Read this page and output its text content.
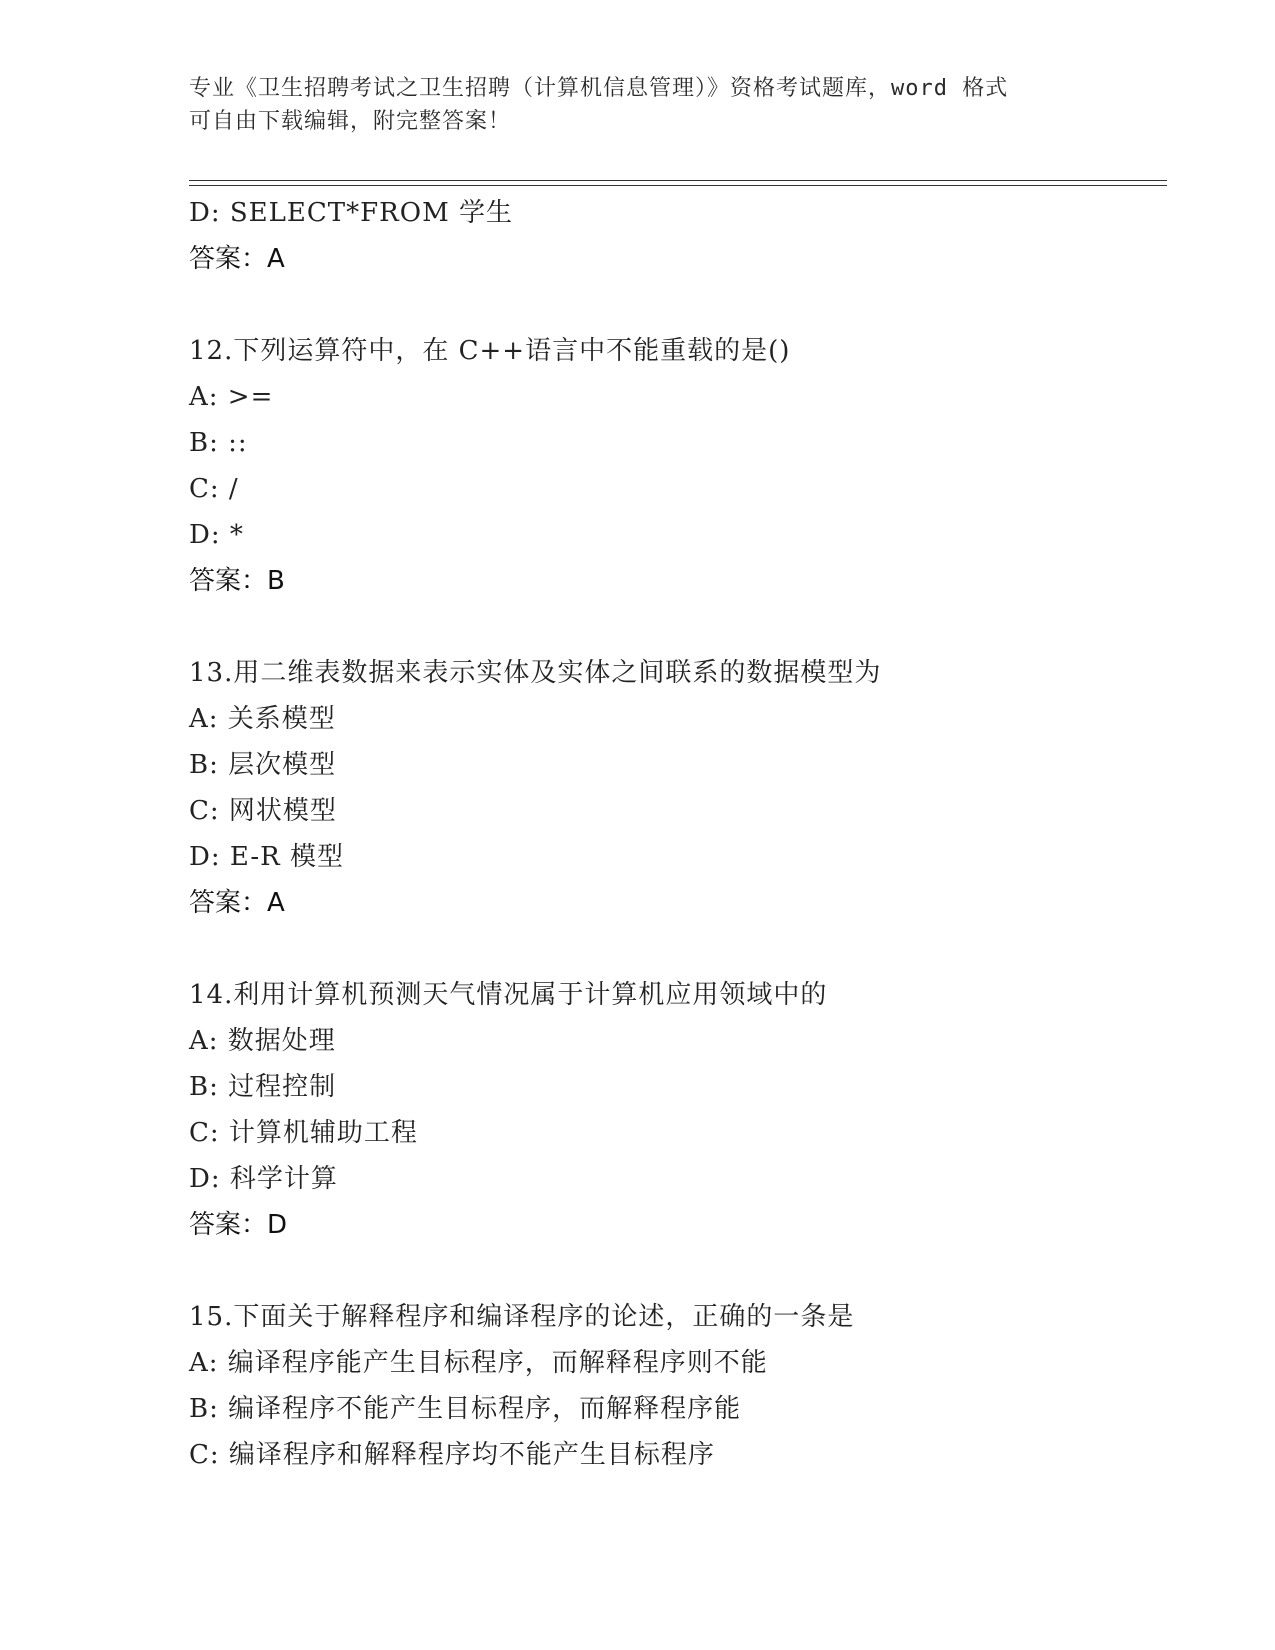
专业《卫生招聘考试之卫生招聘（计算机信息管理）》资格考试题库，word 格式
可自由下载编辑，附完整答案！
D: SELECT*FROM 学生
答案：A
12.下列运算符中，在 C++语言中不能重载的是()
A: >=
B: ::
C: /
D: *
答案：B
13.用二维表数据来表示实体及实体之间联系的数据模型为
A: 关系模型
B: 层次模型
C: 网状模型
D: E-R 模型
答案：A
14.利用计算机预测天气情况属于计算机应用领域中的
A: 数据处理
B: 过程控制
C: 计算机辅助工程
D: 科学计算
答案：D
15.下面关于解释程序和编译程序的论述，正确的一条是
A: 编译程序能产生目标程序，而解释程序则不能
B: 编译程序不能产生目标程序，而解释程序能
C: 编译程序和解释程序均不能产生目标程序
